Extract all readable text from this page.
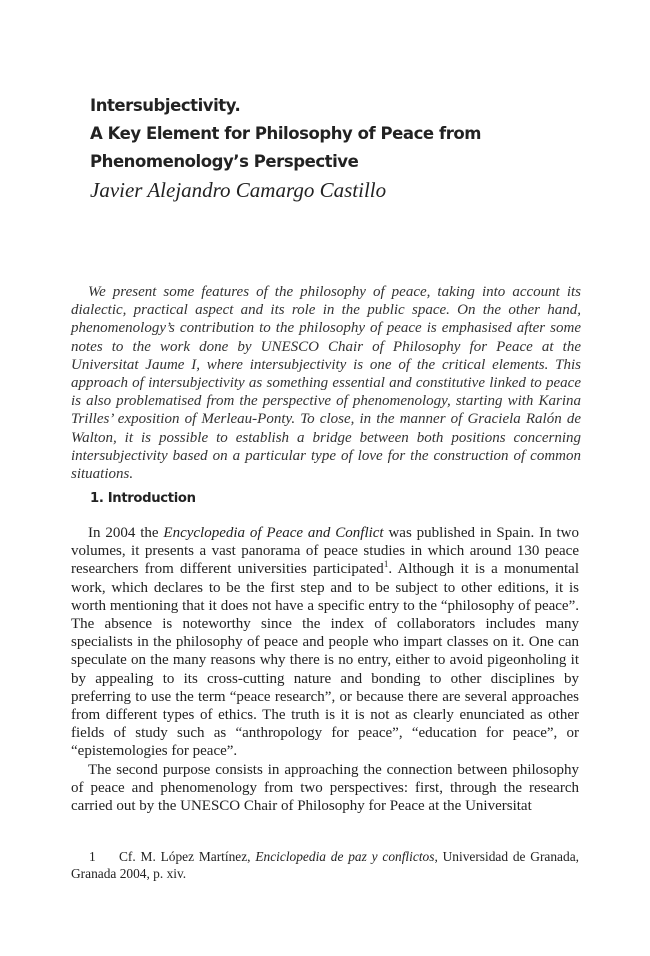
Intersubjectivity.
A Key Element for Philosophy of Peace from
Phenomenology’s Perspective
Javier Alejandro Camargo Castillo

We present some features of the philosophy of peace, taking into account its dialectic, practical aspect and its role in the public space. On the other hand, phenomenology’s contribution to the philosophy of peace is emphasised after some notes to the work done by UNESCO Chair of Philosophy for Peace at the Universitat Jaume I, where intersubjectivity is one of the critical elements. This approach of intersubjectivity as something essential and constitutive linked to peace is also problematised from the perspective of phenomenology, starting with Karina Trilles’ exposition of Merleau-Ponty. To close, in the manner of Graciela Ralón de Walton, it is possible to establish a bridge between both positions concerning intersubjectivity based on a particular type of love for the construction of common situations.

1. Introduction

In 2004 the Encyclopedia of Peace and Conflict was published in Spain. In two volumes, it presents a vast panorama of peace studies in which around 130 peace researchers from different universities participated$^1$. Although it is a monumental work, which declares to be the first step and to be subject to other editions, it is worth mentioning that it does not have a specific entry to the “philosophy of peace”. The absence is noteworthy since the index of collaborators includes many specialists in the philosophy of peace and people who impart classes on it. One can speculate on the many reasons why there is no entry, either to avoid pigeonholing it by appealing to its cross-cutting nature and bonding to other disciplines by preferring to use the term “peace research”, or because there are several approaches from different types of ethics. The truth is it is not as clearly enunciated as other fields of study such as “anthropology for peace”, “education for peace”, or “epistemologies for peace”.

The second purpose consists in approaching the connection between philosophy of peace and phenomenology from two perspectives: first, through the research carried out by the UNESCO Chair of Philosophy for Peace at the Universitat

1 Cf. M. López Martínez, Enciclopedia de paz y conflictos, Universidad de Granada, Granada 2004, p. xiv.
